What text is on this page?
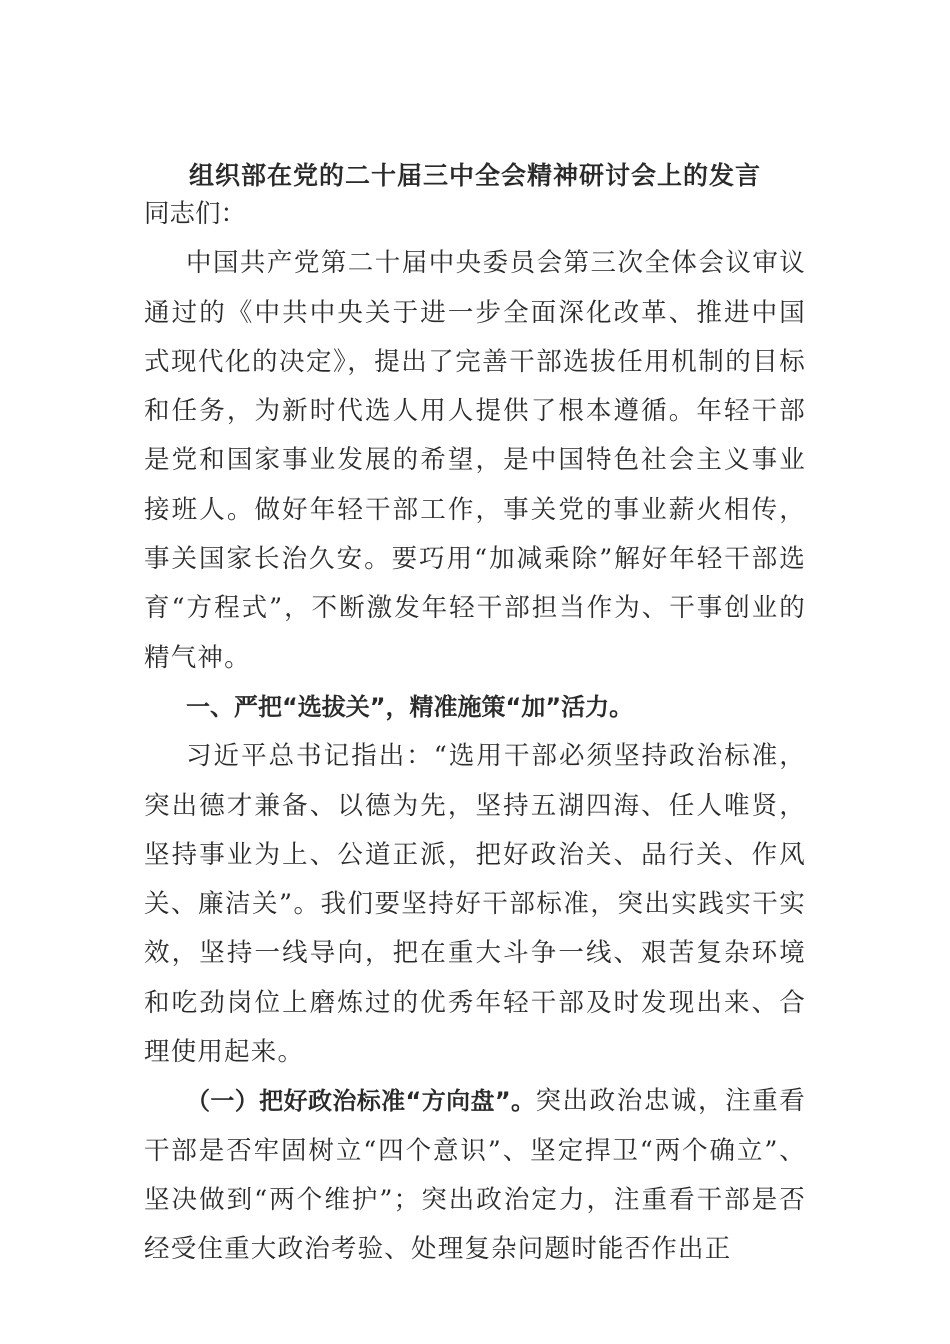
组织部在党的二十届三中全会精神研讨会上的发言

同志们：

中国共产党第二十届中央委员会第三次全体会议审议通过的《中共中央关于进一步全面深化改革、推进中国式现代化的决定》，提出了完善干部选拔任用机制的目标和任务，为新时代选人用人提供了根本遵循。年轻干部是党和国家事业发展的希望，是中国特色社会主义事业接班人。做好年轻干部工作，事关党的事业薪火相传，事关国家长治久安。要巧用“加减乘除”解好年轻干部选育“方程式”，不断激发年轻干部担当作为、干事创业的精气神。

一、严把“选拔关”，精准施策“加”活力。

习近平总书记指出：“选用干部必须坚持政治标准，突出德才兼备、以德为先，坚持五湖四海、任人唯贤，坚持事业为上、公道正派，把好政治关、品行关、作风关、廉洁关”。我们要坚持好干部标准，突出实践实干实效，坚持一线导向，把在重大斗争一线、艰苦复杂环境和吃劲岗位上磨炼过的优秀年轻干部及时发现出来、合理使用起来。

（一）把好政治标准“方向盘”。突出政治忠诚，注重看干部是否牢固树立“四个意识”、坚定捍卫“两个确立”、坚决做到“两个维护”；突出政治定力，注重看干部是否经受住重大政治考验、处理复杂问题时能否作出正
